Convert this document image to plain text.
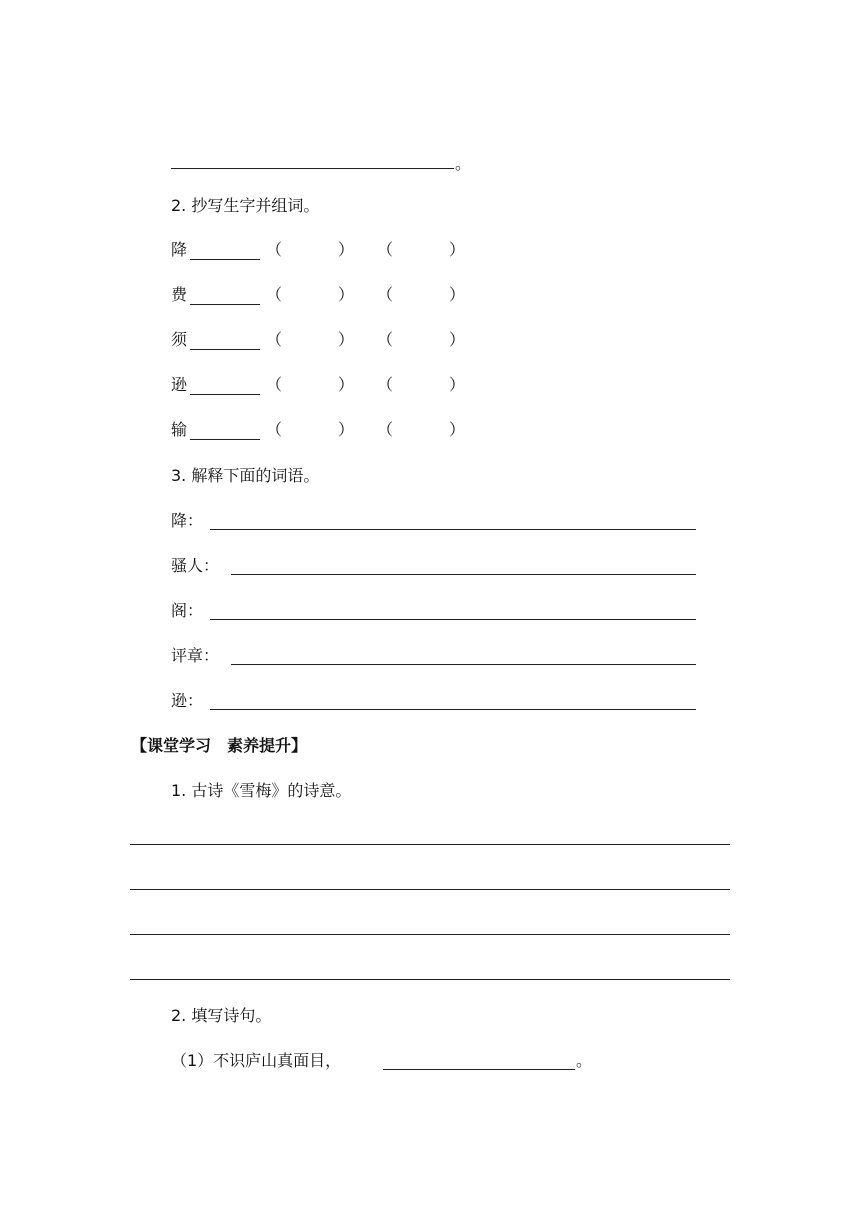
。
2. 抄写生字并组词。
降	（	） （	）
费	（	） （	）
须	（	） （	）
逊	（	） （	）
输	（	） （	）
3. 解释下面的词语。
降：
骚人：
阁：
评章：
逊：
【课堂学习　素养提升】
1. 古诗《雪梅》的诗意。
2. 填写诗句。
（1）不识庐山真面目，	。
